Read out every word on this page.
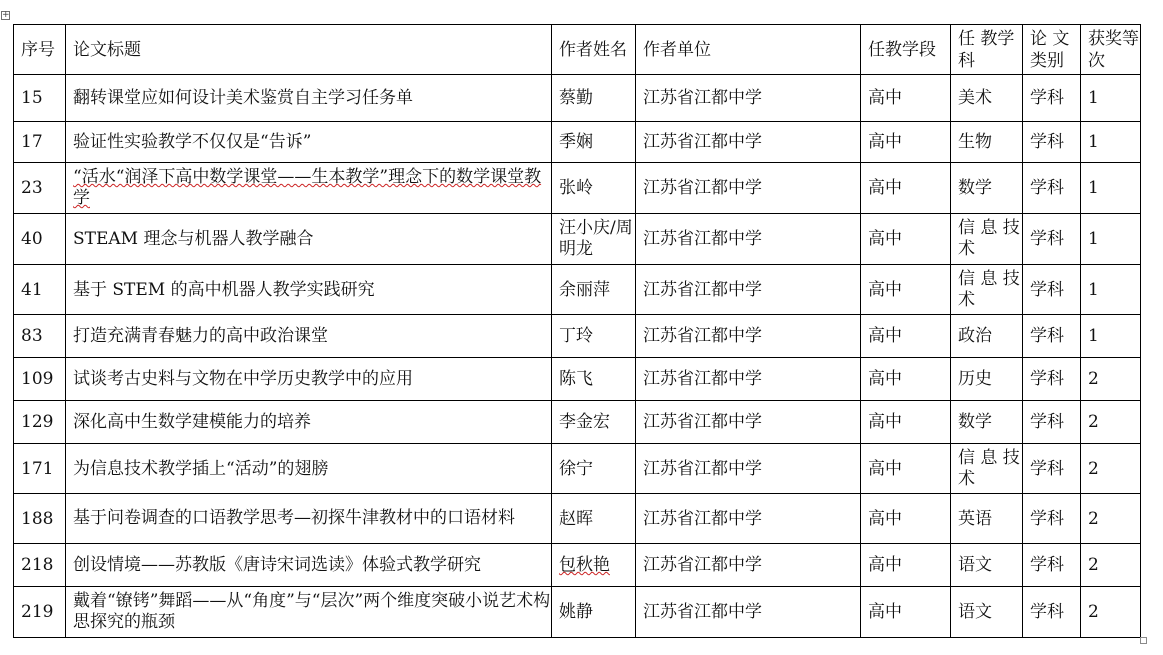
+
序号	论文标题	作者姓名	作者单位	任教学段	任 教学科	论 文类别	获奖等次
15	翻转课堂应如何设计美术鉴赏自主学习任务单	蔡勤	江苏省江都中学	高中	美术	学科	1
17	验证性实验教学不仅仅是“告诉”	季娴	江苏省江都中学	高中	生物	学科	1
23	“活水“润泽下高中数学课堂——生本教学”理念下的数学课堂教学	张岭	江苏省江都中学	高中	数学	学科	1
40	STEAM 理念与机器人教学融合	汪小庆/周明龙	江苏省江都中学	高中	信 息 技术	学科	1
41	基于 STEM 的高中机器人教学实践研究	余丽萍	江苏省江都中学	高中	信 息 技术	学科	1
83	打造充满青春魅力的高中政治课堂	丁玲	江苏省江都中学	高中	政治	学科	1
109	试谈考古史料与文物在中学历史教学中的应用	陈飞	江苏省江都中学	高中	历史	学科	2
129	深化高中生数学建模能力的培养	李金宏	江苏省江都中学	高中	数学	学科	2
171	为信息技术教学插上“活动”的翅膀	徐宁	江苏省江都中学	高中	信 息 技术	学科	2
188	基于问卷调查的口语教学思考—初探牛津教材中的口语材料	赵晖	江苏省江都中学	高中	英语	学科	2
218	创设情境——苏教版《唐诗宋词选读》体验式教学研究	包秋艳	江苏省江都中学	高中	语文	学科	2
219	戴着“镣铐”舞蹈——从“角度”与“层次”两个维度突破小说艺术构思探究的瓶颈	姚静	江苏省江都中学	高中	语文	学科	2
